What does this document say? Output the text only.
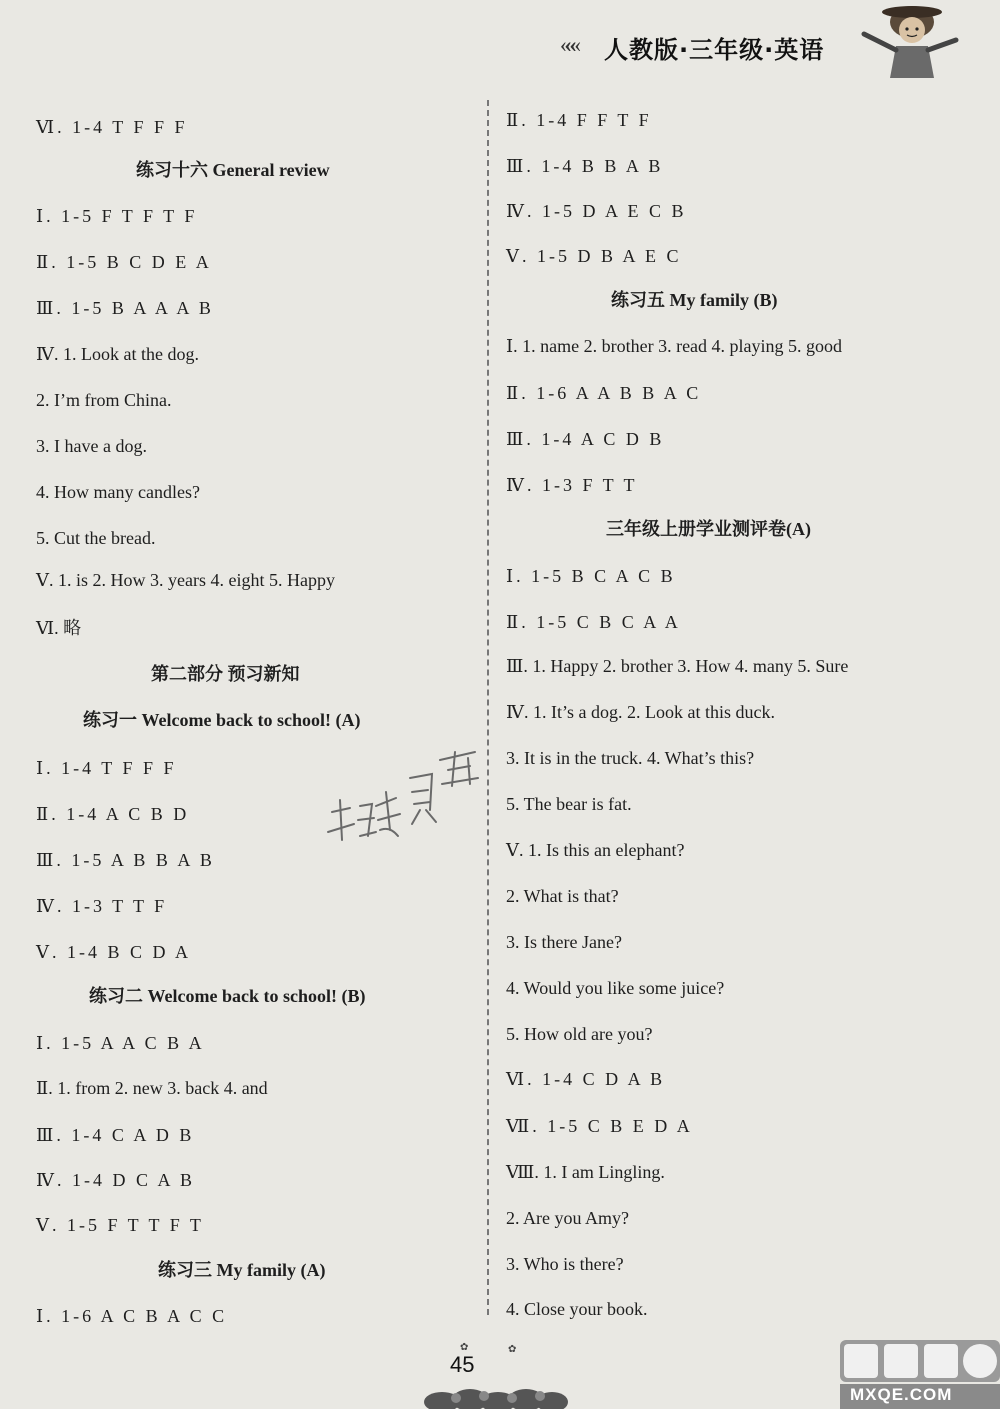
««« 人教版·三年级·英语
Ⅵ. 1-4 T F F F
练习十六 General review
Ⅰ. 1-5 F T F T F
Ⅱ. 1-5 B C D E A
Ⅲ. 1-5 B A A A B
Ⅳ. 1. Look at the dog.
2. I’m from China.
3. I have a dog.
4. How many candles?
5. Cut the bread.
Ⅴ. 1. is 2. How 3. years 4. eight 5. Happy
Ⅵ. 略
第二部分 预习新知
练习一 Welcome back to school! (A)
Ⅰ. 1-4 T F F F
Ⅱ. 1-4 A C B D
Ⅲ. 1-5 A B B A B
Ⅳ. 1-3 T T F
Ⅴ. 1-4 B C D A
练习二 Welcome back to school! (B)
Ⅰ. 1-5 A A C B A
Ⅱ. 1. from 2. new 3. back 4. and
Ⅲ. 1-4 C A D B
Ⅳ. 1-4 D C A B
Ⅴ. 1-5 F T T F T
练习三 My family (A)
Ⅰ. 1-6 A C B A C C
Ⅱ. 1-4 F F T F
Ⅲ. 1-4 B B A B
Ⅳ. 1-5 D A E C B
Ⅴ. 1-5 D B A E C
练习五 My family (B)
Ⅰ. 1. name 2. brother 3. read 4. playing 5. good
Ⅱ. 1-6 A A B B A C
Ⅲ. 1-4 A C D B
Ⅳ. 1-3 F T T
三年级上册学业测评卷(A)
Ⅰ. 1-5 B C A C B
Ⅱ. 1-5 C B C A A
Ⅲ. 1. Happy 2. brother 3. How 4. many 5. Sure
Ⅳ. 1. It’s a dog. 2. Look at this duck.
3. It is in the truck. 4. What’s this?
5. The bear is fat.
Ⅴ. 1. Is this an elephant?
2. What is that?
3. Is there Jane?
4. Would you like some juice?
5. How old are you?
Ⅵ. 1-4 C D A B
Ⅶ. 1-5 C B E D A
Ⅷ. 1. I am Lingling.
2. Are you Amy?
3. Who is there?
4. Close your book.
✿	✿
45
MXQE.COM
